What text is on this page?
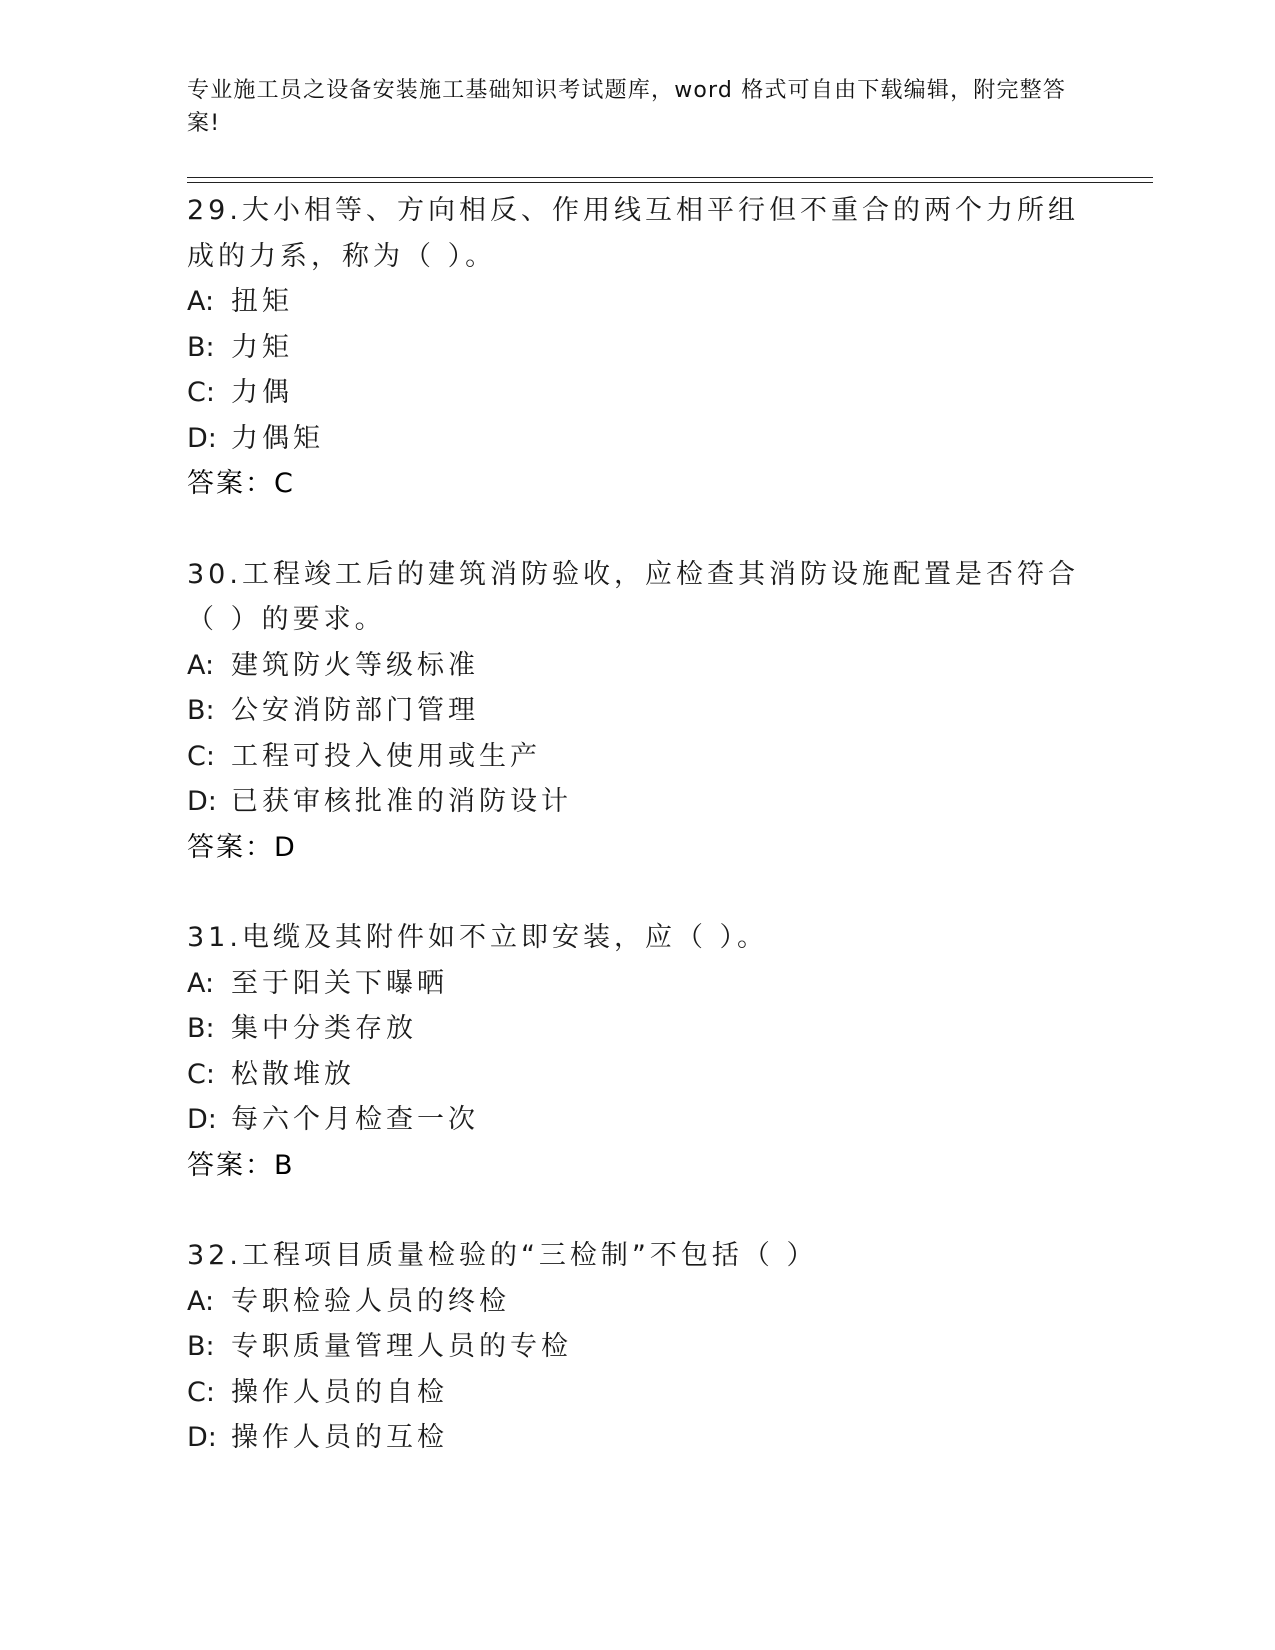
专业施工员之设备安装施工基础知识考试题库，word 格式可自由下载编辑，附完整答案!
29.大小相等、方向相反、作用线互相平行但不重合的两个力所组成的力系，称为（ ）。
A: 扭矩
B: 力矩
C: 力偶
D: 力偶矩
答案：C
30.工程竣工后的建筑消防验收，应检查其消防设施配置是否符合（ ）的要求。
A: 建筑防火等级标准
B: 公安消防部门管理
C: 工程可投入使用或生产
D: 已获审核批准的消防设计
答案：D
31.电缆及其附件如不立即安装，应（ ）。
A: 至于阳关下曝晒
B: 集中分类存放
C: 松散堆放
D: 每六个月检查一次
答案：B
32.工程项目质量检验的“三检制”不包括（ ）
A: 专职检验人员的终检
B: 专职质量管理人员的专检
C: 操作人员的自检
D: 操作人员的互检
